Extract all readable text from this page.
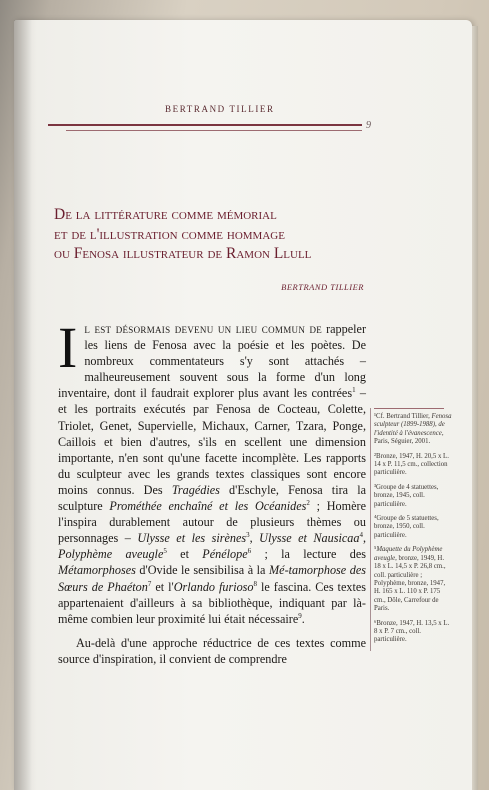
BERTRAND TILLIER
9
De la littérature comme mémorial
et de l'illustration comme hommage
ou Fenosa illustrateur de Ramon Llull
BERTRAND TILLIER

Il est désormais devenu un lieu commun de rappeler les liens de Fenosa avec la poésie et les poètes. De nombreux commentateurs s'y sont attachés – malheureusement souvent sous la forme d'un long inventaire, dont il faudrait explorer plus avant les contrées$^1$ – et les portraits exécutés par Fenosa de Cocteau, Colette, Triolet, Genet, Supervielle, Michaux, Carner, Tzara, Ponge, Caillois et bien d'autres, s'ils en scellent une dimension importante, n'en sont qu'une facette incomplète. Les rapports du sculpteur avec les grands textes classiques sont encore moins connus. Des Tragédies d'Eschyle, Fenosa tira la sculpture Prométhée enchaîné et les Océanides$^2$ ; Homère l'inspira durablement autour de plusieurs thèmes ou personnages – Ulysse et les sirènes$^3$, Ulysse et Nausicaa$^4$, Polyphème aveugle$^5$ et Pénélope$^6$ ; la lecture des Métamorphoses d'Ovide le sensibilisa à la Mé-tamorphose des Sœurs de Phaéton$^7$ et l'Orlando furioso$^8$ le fascina. Ces textes appartenaient d'ailleurs à sa bibliothèque, indiquant par là-même combien leur proximité lui était nécessaire$^9$.

Au-delà d'une approche réductrice de ces textes comme source d'inspiration, il convient de comprendre

¹Cf. Bertrand Tillier, Fenosa sculpteur (1899-1988), de l'identité à l'évanescence, Paris, Séguier, 2001.
²Bronze, 1947, H. 20,5 x L. 14 x P. 11,5 cm., collection particulière.
³Groupe de 4 statuettes, bronze, 1945, coll. particulière.
⁴Groupe de 5 statuettes, bronze, 1950, coll. particulière.
⁵Maquette du Polyphème aveugle, bronze, 1949, H. 18 x L. 14,5 x P. 26,8 cm., coll. particulière ; Polyphème, bronze, 1947, H. 165 x L. 110 x P. 175 cm., Dôle, Carrefour de Paris.
⁶Bronze, 1947, H. 13,5 x L. 8 x P. 7 cm., coll. particulière.
